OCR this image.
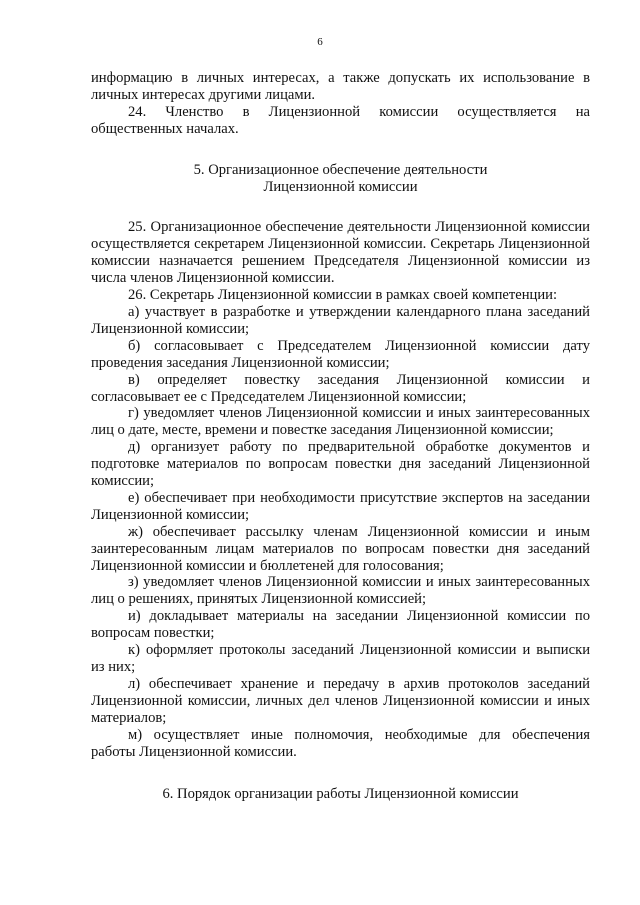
6

информацию в личных интересах, а также допускать их использование в личных интересах другими лицами.

24. Членство в Лицензионной комиссии осуществляется на общественных началах.

5. Организационное обеспечение деятельности
Лицензионной комиссии

25. Организационное обеспечение деятельности Лицензионной комиссии осуществляется секретарем Лицензионной комиссии. Секретарь Лицензионной комиссии назначается решением Председателя Лицензионной комиссии из числа членов Лицензионной комиссии.

26. Секретарь Лицензионной комиссии в рамках своей компетенции:

а) участвует в разработке и утверждении календарного плана заседаний Лицензионной комиссии;

б) согласовывает с Председателем Лицензионной комиссии дату проведения заседания Лицензионной комиссии;

в) определяет повестку заседания Лицензионной комиссии и согласовывает ее с Председателем Лицензионной комиссии;

г) уведомляет членов Лицензионной комиссии и иных заинтересованных лиц о дате, месте, времени и повестке заседания Лицензионной комиссии;

д) организует работу по предварительной обработке документов и подготовке материалов по вопросам повестки дня заседаний Лицензионной комиссии;

е) обеспечивает при необходимости присутствие экспертов на заседании Лицензионной комиссии;

ж) обеспечивает рассылку членам Лицензионной комиссии и иным заинтересованным лицам материалов по вопросам повестки дня заседаний Лицензионной комиссии и бюллетеней для голосования;

з) уведомляет членов Лицензионной комиссии и иных заинтересованных лиц о решениях, принятых Лицензионной комиссией;

и) докладывает материалы на заседании Лицензионной комиссии по вопросам повестки;

к) оформляет протоколы заседаний Лицензионной комиссии и выписки из них;

л) обеспечивает хранение и передачу в архив протоколов заседаний Лицензионной комиссии, личных дел членов Лицензионной комиссии и иных материалов;

м) осуществляет иные полномочия, необходимые для обеспечения работы Лицензионной комиссии.

6. Порядок организации работы Лицензионной комиссии
